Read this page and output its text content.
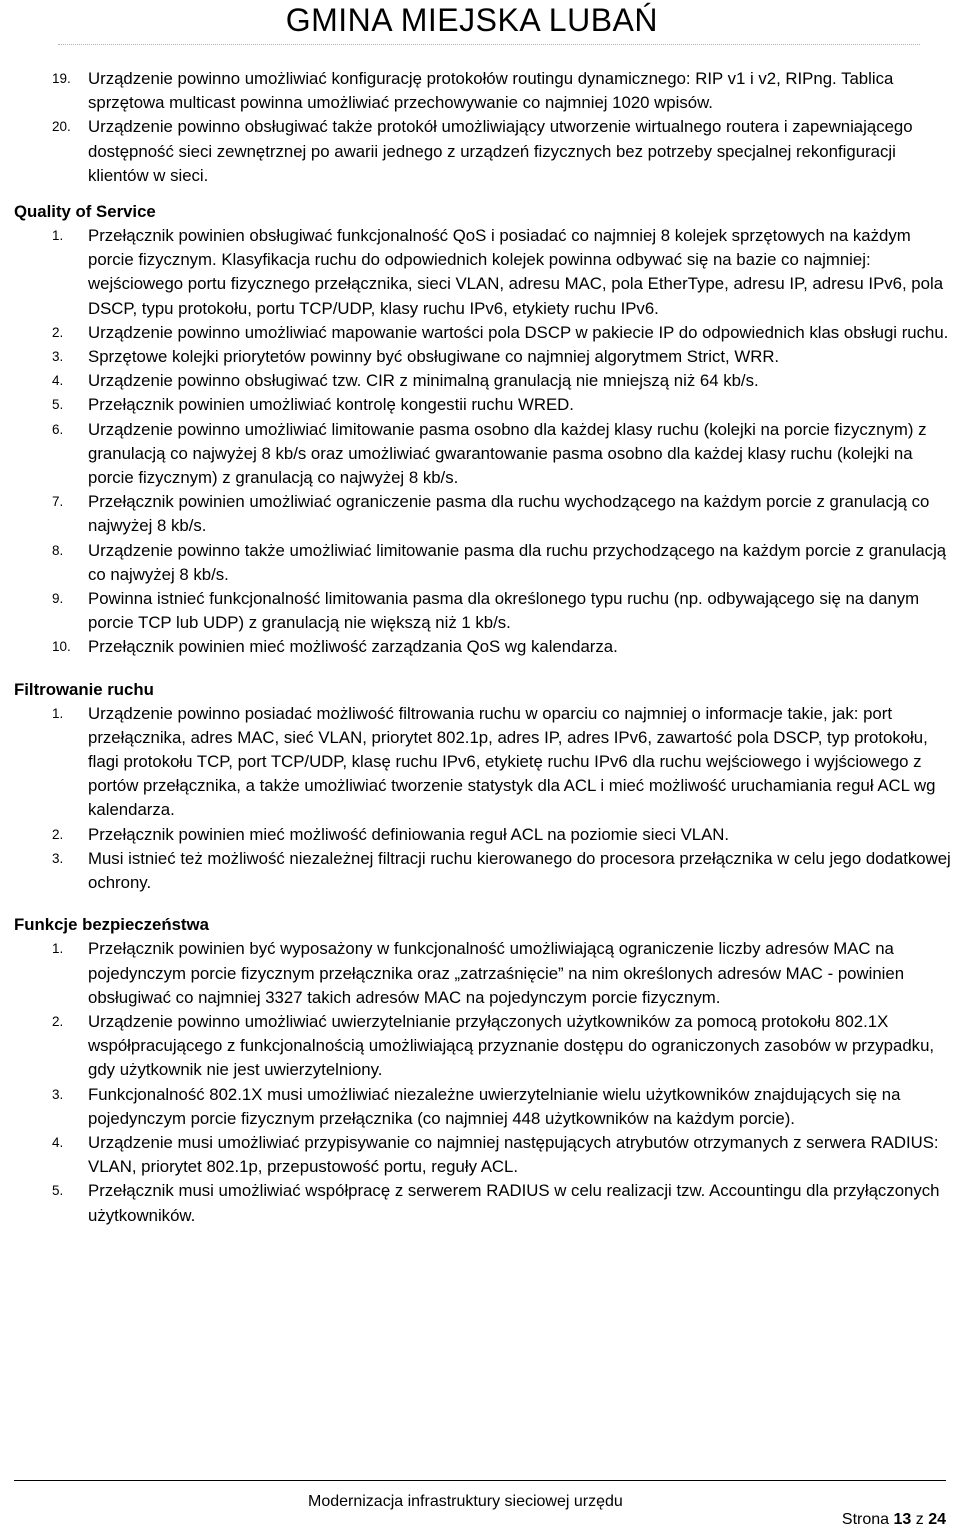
GMINA MIEJSKA LUBAŃ
19. Urządzenie powinno umożliwiać konfigurację protokołów routingu dynamicznego: RIP v1 i v2, RIPng. Tablica sprzętowa multicast powinna umożliwiać przechowywanie co najmniej 1020 wpisów.
20. Urządzenie powinno obsługiwać także protokół umożliwiający utworzenie wirtualnego routera i zapewniającego dostępność sieci zewnętrznej po awarii jednego z urządzeń fizycznych bez potrzeby specjalnej rekonfiguracji klientów w sieci.
Quality of Service
1. Przełącznik powinien obsługiwać funkcjonalność QoS i posiadać co najmniej 8 kolejek sprzętowych na każdym porcie fizycznym. Klasyfikacja ruchu do odpowiednich kolejek powinna odbywać się na bazie co najmniej: wejściowego portu fizycznego przełącznika, sieci VLAN, adresu MAC, pola EtherType, adresu IP, adresu IPv6, pola DSCP, typu protokołu, portu TCP/UDP, klasy ruchu IPv6, etykiety ruchu IPv6.
2. Urządzenie powinno umożliwiać mapowanie wartości pola DSCP w pakiecie IP do odpowiednich klas obsługi ruchu.
3. Sprzętowe kolejki priorytetów powinny być obsługiwane co najmniej algorytmem Strict, WRR.
4. Urządzenie powinno obsługiwać tzw. CIR z minimalną granulacją nie mniejszą niż 64 kb/s.
5. Przełącznik powinien umożliwiać kontrolę kongestii ruchu WRED.
6. Urządzenie powinno umożliwiać limitowanie pasma osobno dla każdej klasy ruchu (kolejki na porcie fizycznym) z granulacją co najwyżej 8 kb/s oraz umożliwiać gwarantowanie pasma osobno dla każdej klasy ruchu (kolejki na porcie fizycznym) z granulacją co najwyżej 8 kb/s.
7. Przełącznik powinien umożliwiać ograniczenie pasma dla ruchu wychodzącego na każdym porcie z granulacją co najwyżej 8 kb/s.
8. Urządzenie powinno także umożliwiać limitowanie pasma dla ruchu przychodzącego na każdym porcie z granulacją co najwyżej 8 kb/s.
9. Powinna istnieć funkcjonalność limitowania pasma dla określonego typu ruchu (np. odbywającego się na danym porcie TCP lub UDP) z granulacją nie większą niż 1 kb/s.
10. Przełącznik powinien mieć możliwość zarządzania QoS wg kalendarza.
Filtrowanie ruchu
1. Urządzenie powinno posiadać możliwość filtrowania ruchu w oparciu co najmniej o informacje takie, jak: port przełącznika, adres MAC, sieć VLAN, priorytet 802.1p, adres IP, adres IPv6, zawartość pola DSCP, typ protokołu, flagi protokołu TCP, port TCP/UDP, klasę ruchu IPv6, etykietę ruchu IPv6 dla ruchu wejściowego i wyjściowego z portów przełącznika, a także umożliwiać tworzenie statystyk dla ACL i mieć możliwość uruchamiania reguł ACL wg kalendarza.
2. Przełącznik powinien mieć możliwość definiowania reguł ACL na poziomie sieci VLAN.
3. Musi istnieć też możliwość niezależnej filtracji ruchu kierowanego do procesora przełącznika w celu jego dodatkowej ochrony.
Funkcje bezpieczeństwa
1. Przełącznik powinien być wyposażony w funkcjonalność umożliwiającą ograniczenie liczby adresów MAC na pojedynczym porcie fizycznym przełącznika oraz „zatrzaśnięcie” na nim określonych adresów MAC - powinien obsługiwać co najmniej 3327 takich adresów MAC na pojedynczym porcie fizycznym.
2. Urządzenie powinno umożliwiać uwierzytelnianie przyłączonych użytkowników za pomocą protokołu 802.1X współpracującego z funkcjonalnością umożliwiającą przyznanie dostępu do ograniczonych zasobów w przypadku, gdy użytkownik nie jest uwierzytelniony.
3. Funkcjonalność 802.1X musi umożliwiać niezależne uwierzytelnianie wielu użytkowników znajdujących się na pojedynczym porcie fizycznym przełącznika (co najmniej 448 użytkowników na każdym porcie).
4. Urządzenie musi umożliwiać przypisywanie co najmniej następujących atrybutów otrzymanych z serwera RADIUS: VLAN, priorytet 802.1p, przepustowość portu, reguły ACL.
5. Przełącznik musi umożliwiać współpracę z serwerem RADIUS w celu realizacji tzw. Accountingu dla przyłączonych użytkowników.
Modernizacja infrastruktury sieciowej urzędu
Strona 13 z 24
